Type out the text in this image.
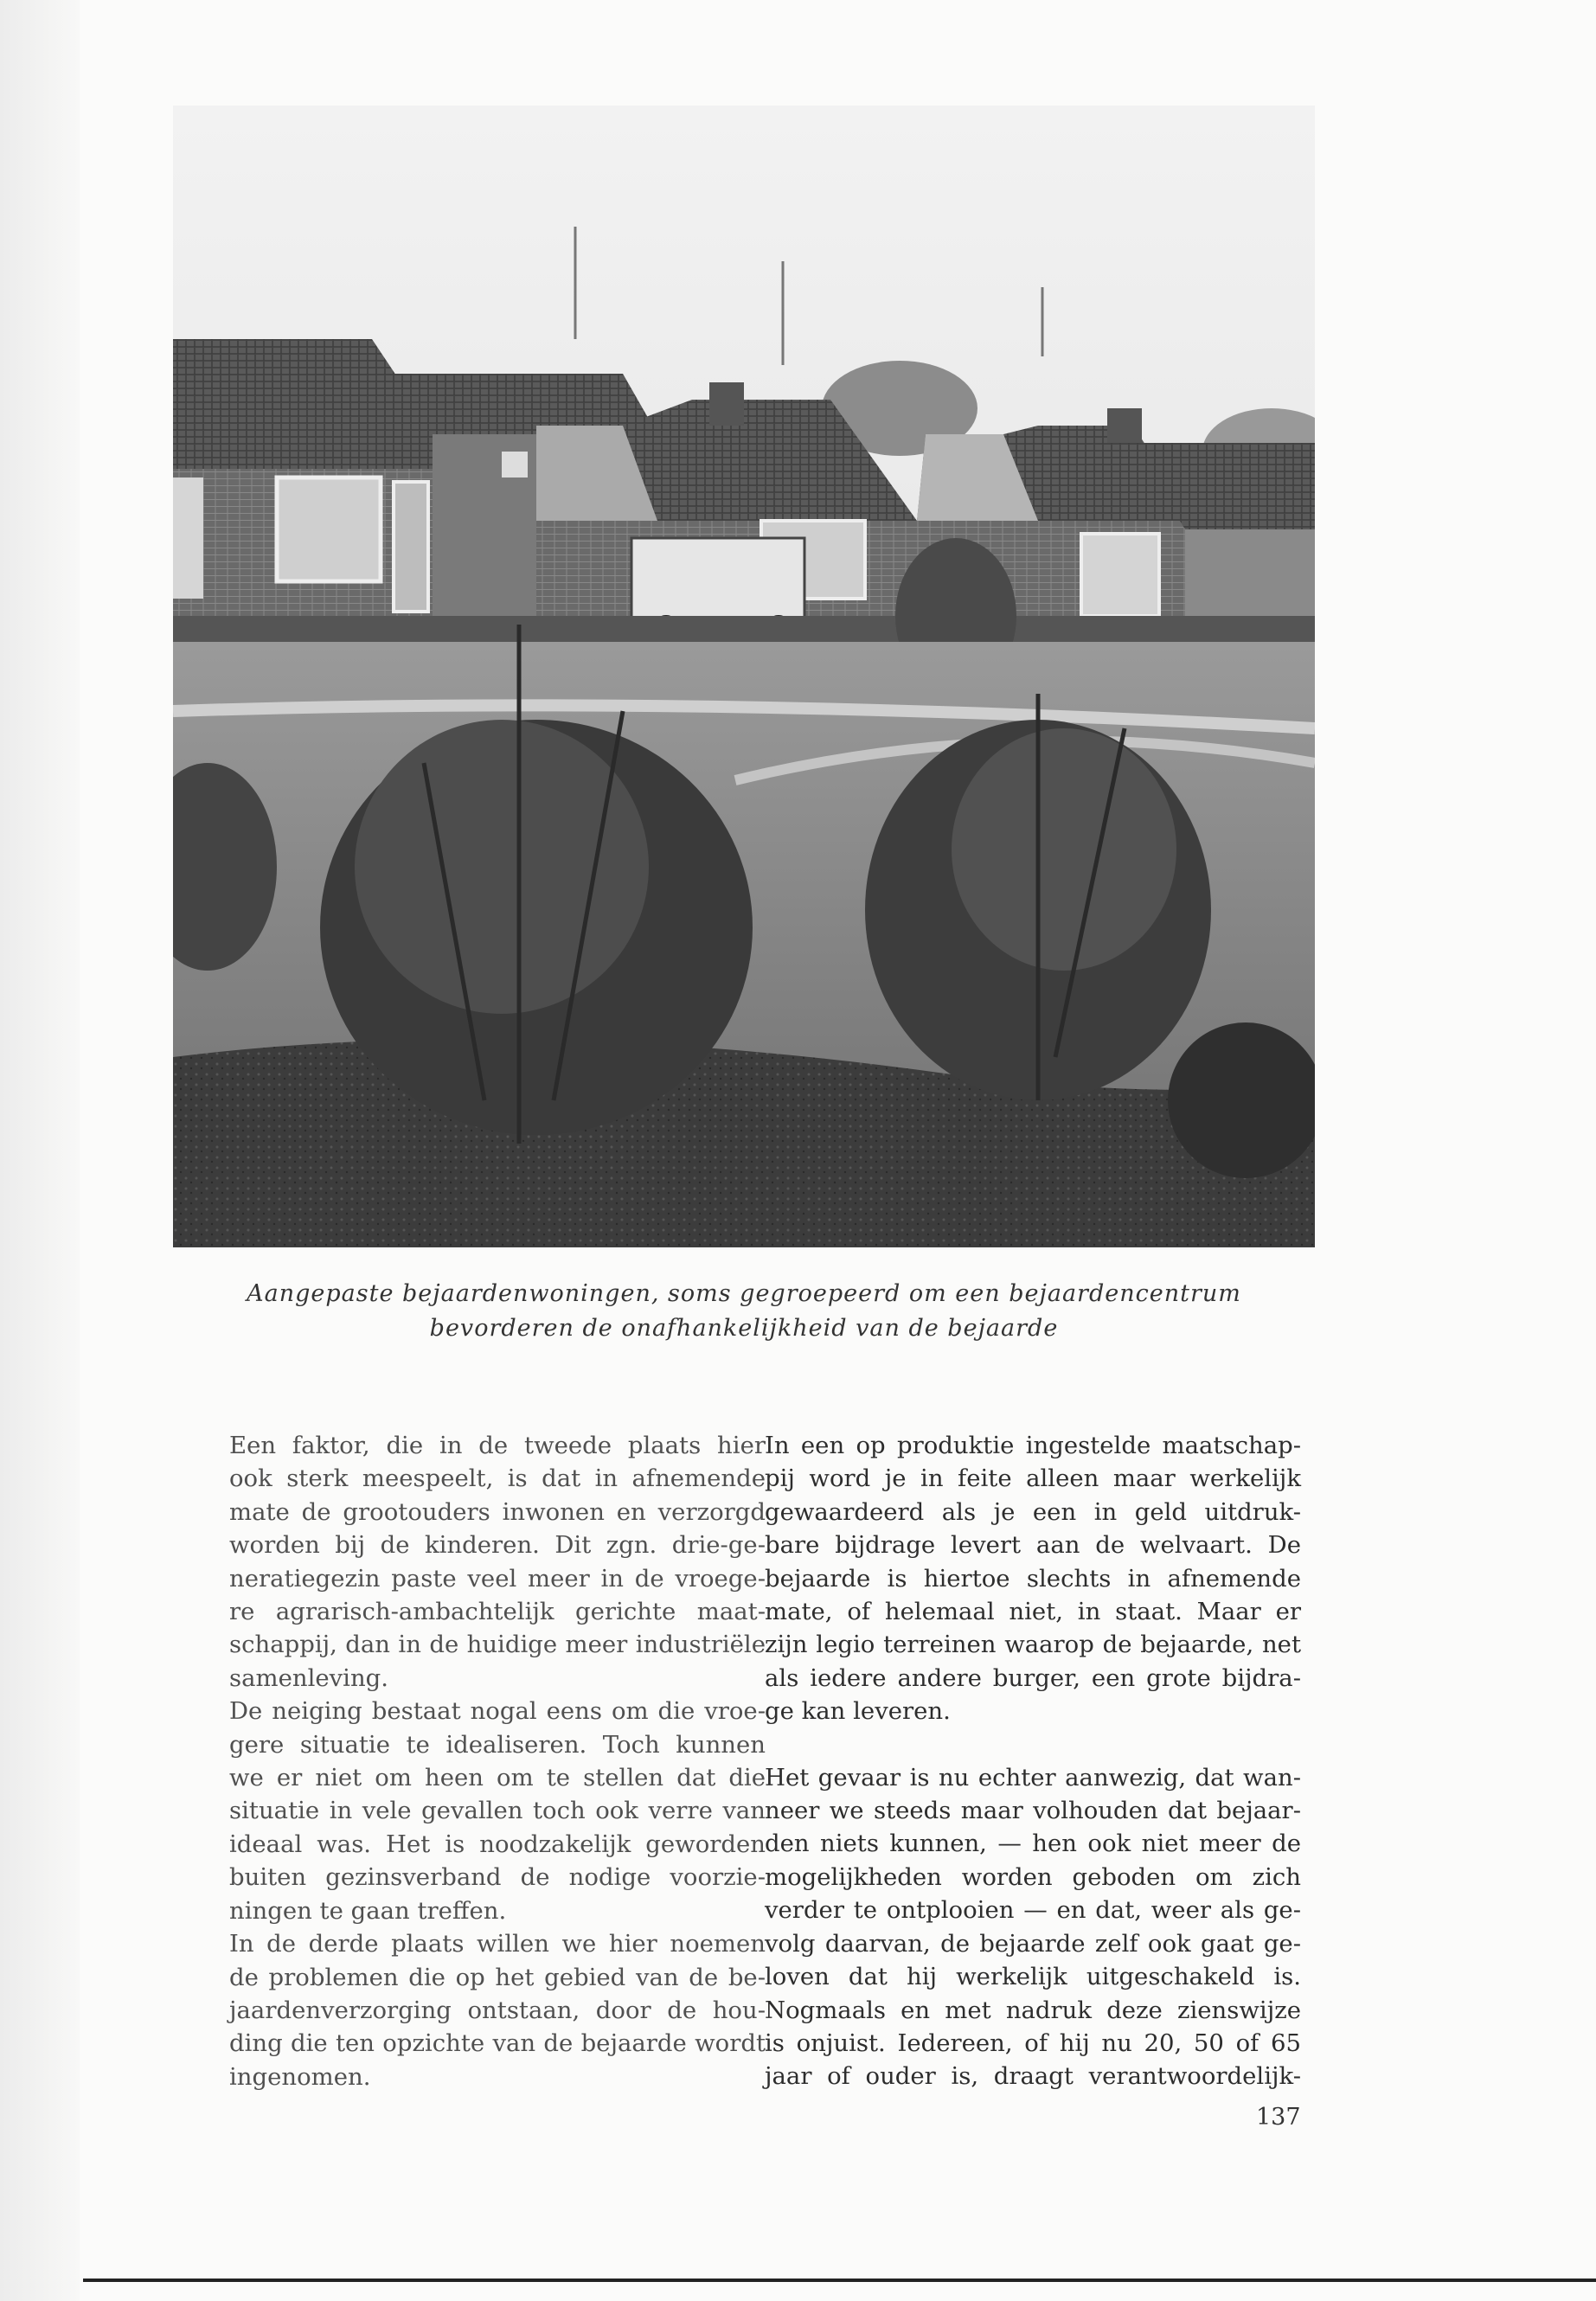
Aangepaste bejaardenwoningen, soms gegroepeerd om een bejaardencentrum
bevorderen de onafhankelijkheid van de bejaarde
Een faktor, die in de tweede plaats hier
ook sterk meespeelt, is dat in afnemende
mate de grootouders inwonen en verzorgd
worden bij de kinderen. Dit zgn. drie-ge-
neratiegezin paste veel meer in de vroege-
re agrarisch-ambachtelijk gerichte maat-
schappij, dan in de huidige meer industriële
samenleving.
De neiging bestaat nogal eens om die vroe-
gere situatie te idealiseren. Toch kunnen
we er niet om heen om te stellen dat die
situatie in vele gevallen toch ook verre van
ideaal was. Het is noodzakelijk geworden
buiten gezinsverband de nodige voorzie-
ningen te gaan treffen.
In de derde plaats willen we hier noemen
de problemen die op het gebied van de be-
jaardenverzorging ontstaan, door de hou-
ding die ten opzichte van de bejaarde wordt
ingenomen.
In een op produktie ingestelde maatschap-
pij word je in feite alleen maar werkelijk
gewaardeerd als je een in geld uitdruk-
bare bijdrage levert aan de welvaart. De
bejaarde is hiertoe slechts in afnemende
mate, of helemaal niet, in staat. Maar er
zijn legio terreinen waarop de bejaarde, net
als iedere andere burger, een grote bijdra-
ge kan leveren.
Het gevaar is nu echter aanwezig, dat wan-
neer we steeds maar volhouden dat bejaar-
den niets kunnen, — hen ook niet meer de
mogelijkheden worden geboden om zich
verder te ontplooien — en dat, weer als ge-
volg daarvan, de bejaarde zelf ook gaat ge-
loven dat hij werkelijk uitgeschakeld is.
Nogmaals en met nadruk deze zienswijze
is onjuist. Iedereen, of hij nu 20, 50 of 65
jaar of ouder is, draagt verantwoordelijk-
137
